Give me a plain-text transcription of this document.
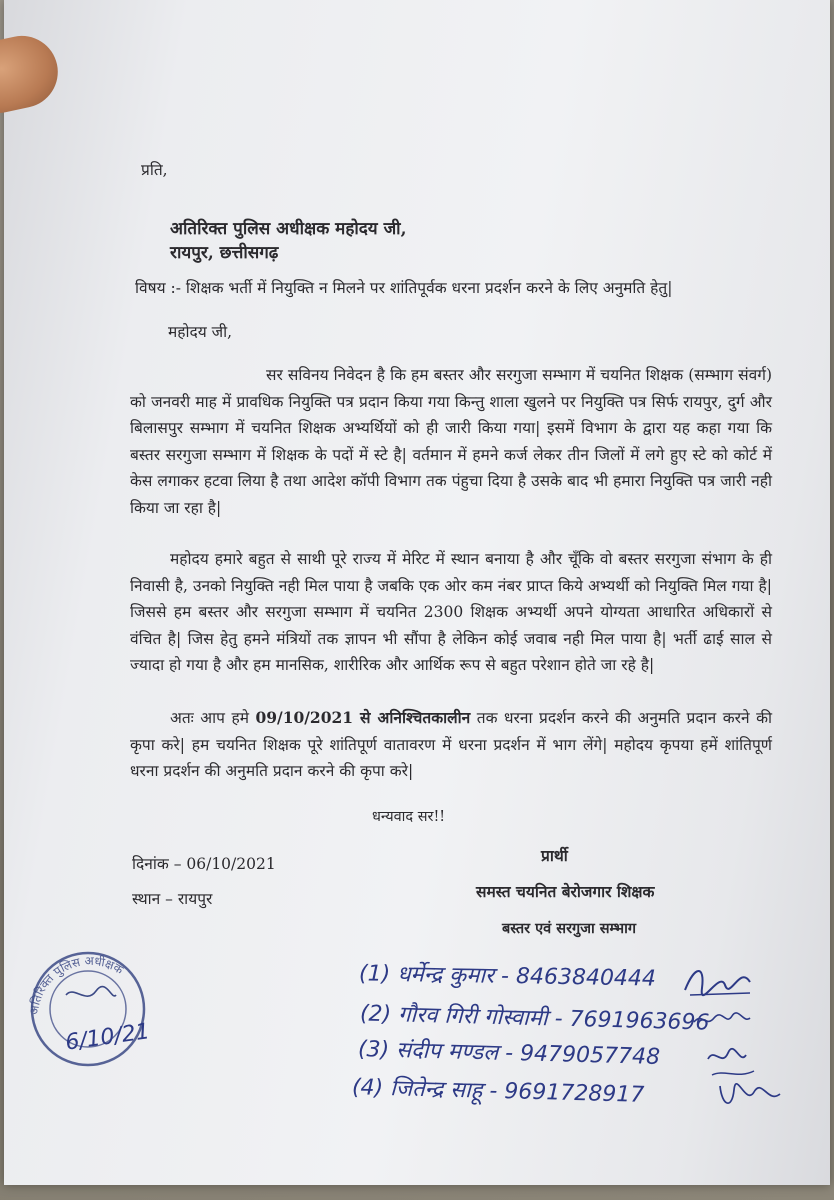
प्रति,
अतिरिक्त पुलिस अधीक्षक महोदय जी,
रायपुर, छत्तीसगढ़
विषय :- शिक्षक भर्ती में नियुक्ति न मिलने पर शांतिपूर्वक धरना प्रदर्शन करने के लिए अनुमति हेतु|
महोदय जी,
सर सविनय निवेदन है कि हम बस्तर और सरगुजा सम्भाग में चयनित शिक्षक (सम्भाग संवर्ग) को जनवरी माह में प्रावधिक नियुक्ति पत्र प्रदान किया गया किन्तु शाला खुलने पर नियुक्ति पत्र सिर्फ रायपुर, दुर्ग और बिलासपुर सम्भाग में चयनित शिक्षक अभ्यर्थियों को ही जारी किया गया| इसमें विभाग के द्वारा यह कहा गया कि बस्तर सरगुजा सम्भाग में शिक्षक के पदों में स्टे है| वर्तमान में हमने कर्ज लेकर तीन जिलों में लगे हुए स्टे को कोर्ट में केस लगाकर हटवा लिया है तथा आदेश कॉपी विभाग तक पंहुचा दिया है उसके बाद भी हमारा नियुक्ति पत्र जारी नही किया जा रहा है|
महोदय हमारे बहुत से साथी पूरे राज्य में मेरिट में स्थान बनाया है और चूँकि वो बस्तर सरगुजा संभाग के ही निवासी है, उनको नियुक्ति नही मिल पाया है जबकि एक ओर कम नंबर प्राप्त किये अभ्यर्थी को नियुक्ति मिल गया है| जिससे हम बस्तर और सरगुजा सम्भाग में चयनित 2300 शिक्षक अभ्यर्थी अपने योग्यता आधारित अधिकारों से वंचित है| जिस हेतु हमने मंत्रियों तक ज्ञापन भी सौंपा है लेकिन कोई जवाब नही मिल पाया है| भर्ती ढाई साल से ज्यादा हो गया है और हम मानसिक, शारीरिक और आर्थिक रूप से बहुत परेशान होते जा रहे है|
अतः आप हमे 09/10/2021 से अनिश्चितकालीन तक धरना प्रदर्शन करने की अनुमति प्रदान करने की कृपा करे| हम चयनित शिक्षक पूरे शांतिपूर्ण वातावरण में धरना प्रदर्शन में भाग लेंगे| महोदय कृपया हमें शांतिपूर्ण धरना प्रदर्शन की अनुमति प्रदान करने की कृपा करे|
धन्यवाद सर!!
दिनांक – 06/10/2021
स्थान – रायपुर
प्रार्थी
समस्त चयनित बेरोजगार शिक्षक
बस्तर एवं सरगुजा सम्भाग
(1) धर्मेन्द्र कुमार - 8463840444
(2) गौरव गिरी गोस्वामी - 7691963696
(3) संदीप मण्डल - 9479057748
(4) जितेन्द्र साहू - 9691728917
अतिरिक्त पुलिस अधीक्षक
6/10/21
